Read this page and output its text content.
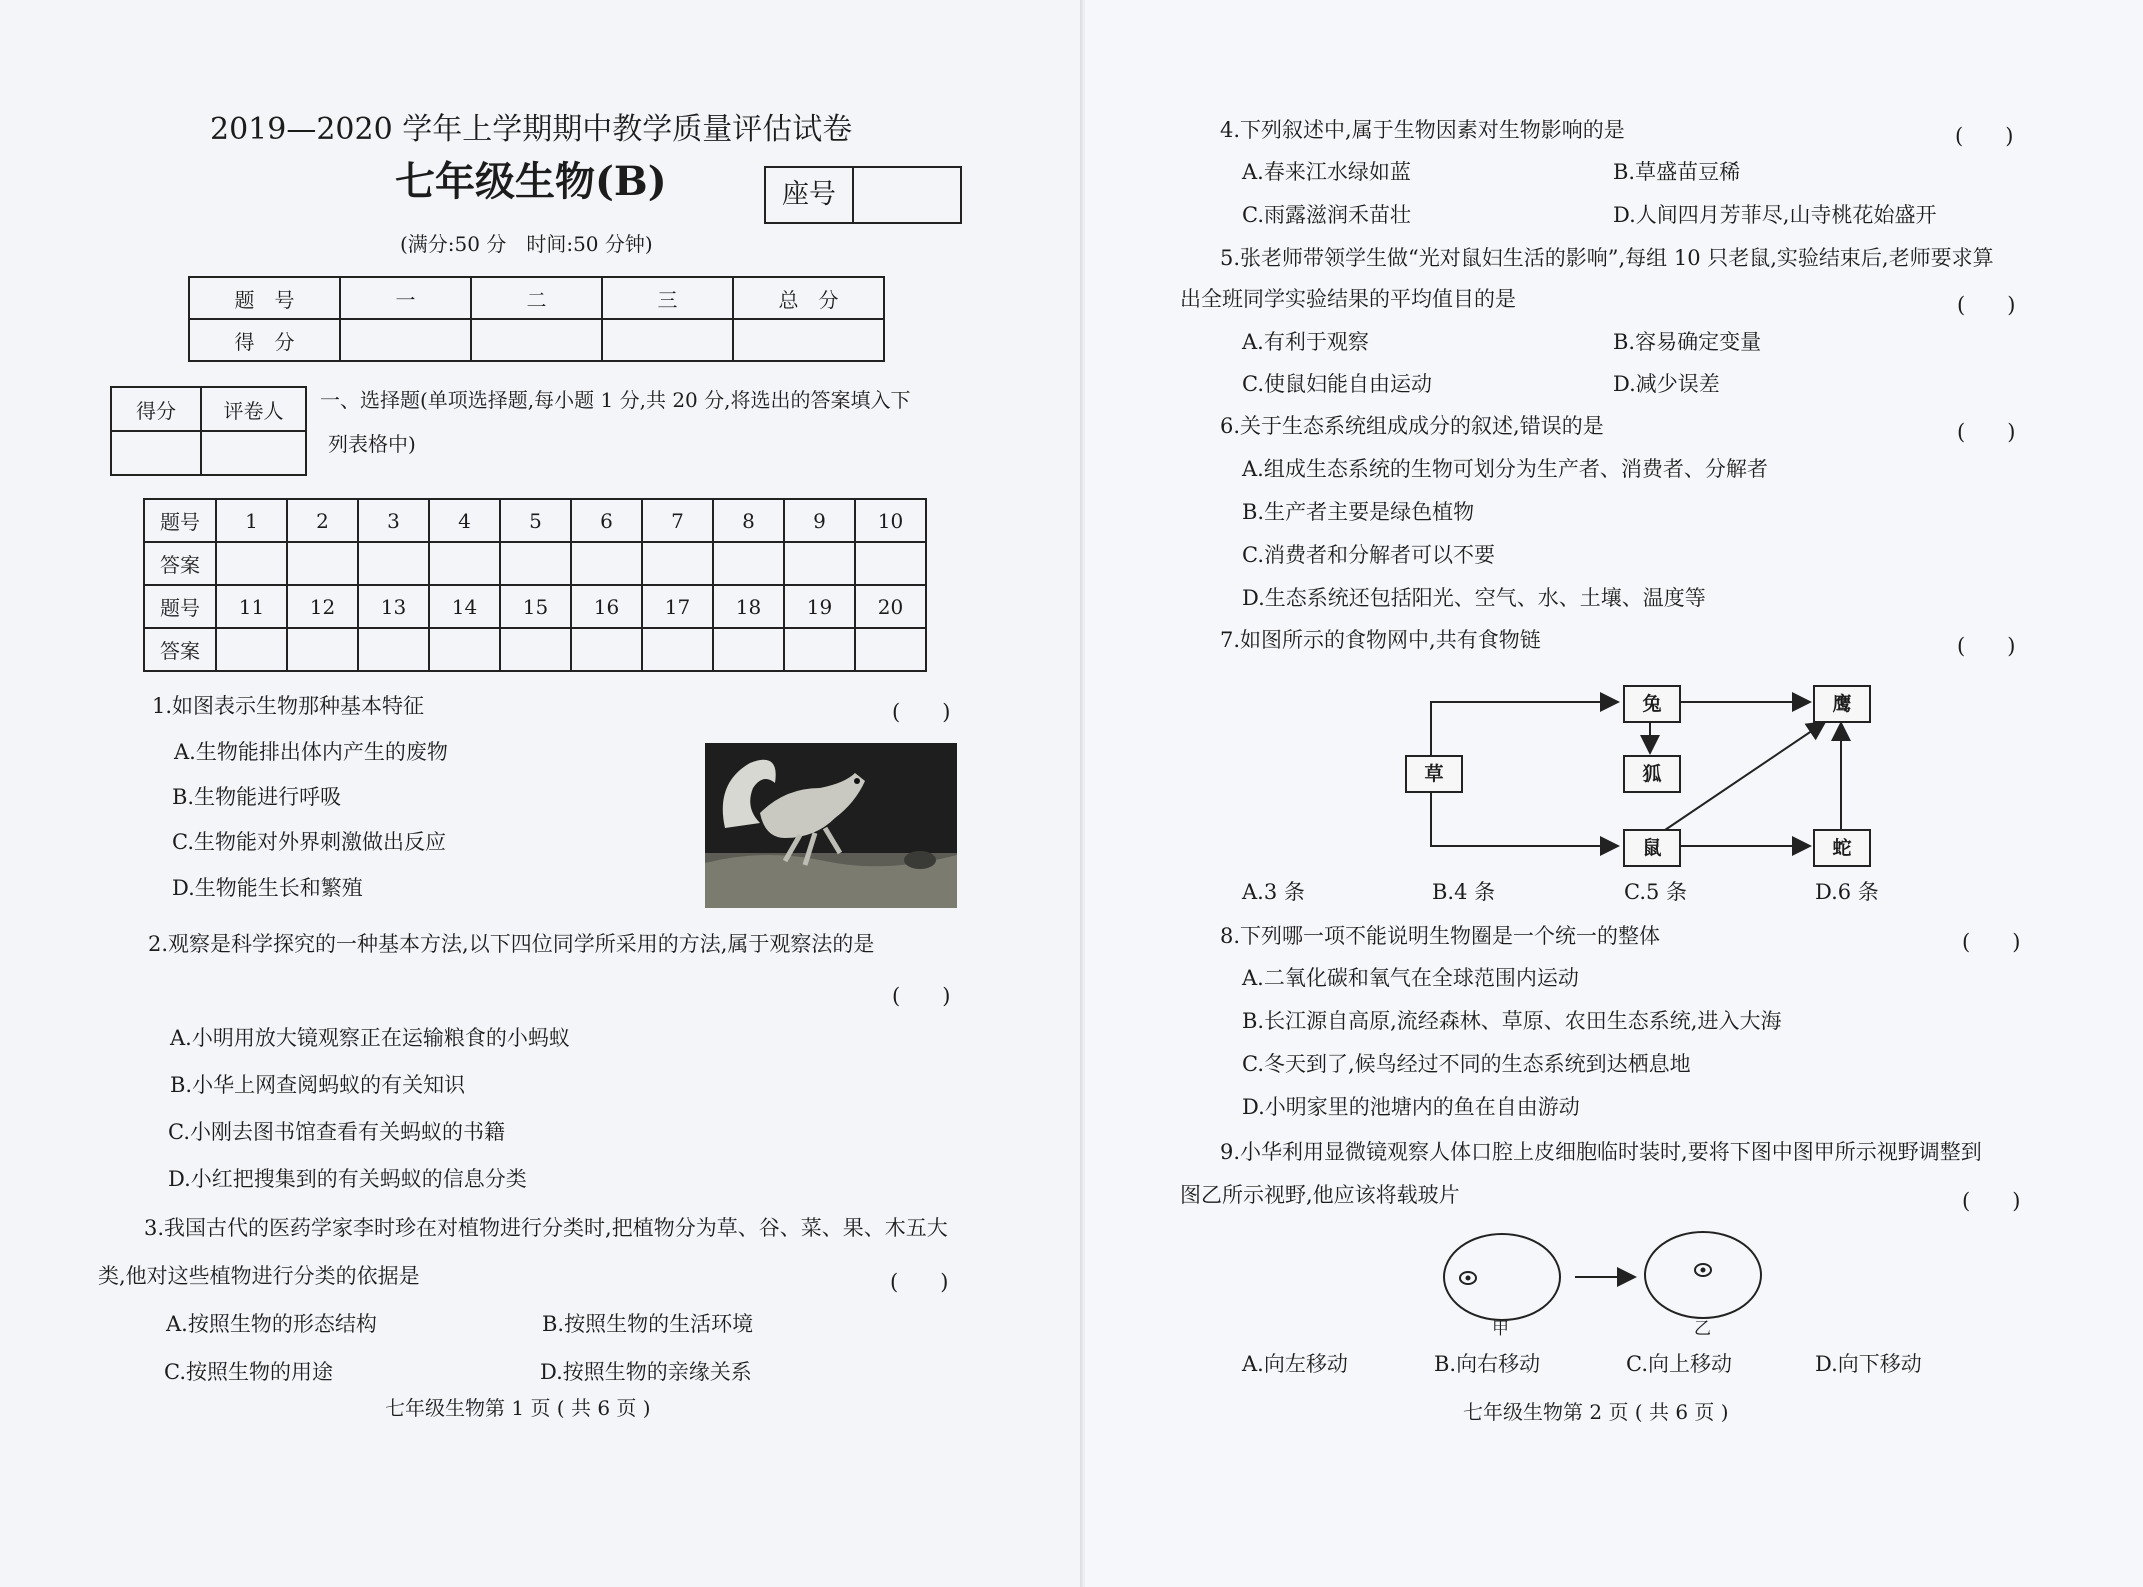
2019—2020 学年上学期期中教学质量评估试卷
七年级生物(B)	座号
(满分:50 分　时间:50 分钟)
题　号	一	二	三	总　分
得　分				
得分	评卷人
	一、选择题(单项选择题,每小题 1 分,共 20 分,将选出的答案填入下
列表格中)
题号	1	2	3	4	5	6	7	8	9	10
答案										
题号	11	12	13	14	15	16	17	18	19	20
答案										
1.如图表示生物那种基本特征	(　　)
A.生物能排出体内产生的废物
B.生物能进行呼吸
C.生物能对外界刺激做出反应
D.生物能生长和繁殖
2.观察是科学探究的一种基本方法,以下四位同学所采用的方法,属于观察法的是
(　　)
A.小明用放大镜观察正在运输粮食的小蚂蚁
B.小华上网查阅蚂蚁的有关知识
C.小刚去图书馆查看有关蚂蚁的书籍
D.小红把搜集到的有关蚂蚁的信息分类
3.我国古代的医药学家李时珍在对植物进行分类时,把植物分为草、谷、菜、果、木五大
类,他对这些植物进行分类的依据是	(　　)
A.按照生物的形态结构	B.按照生物的生活环境
C.按照生物的用途	D.按照生物的亲缘关系
七年级生物第 1 页 ( 共 6 页 )
4.下列叙述中,属于生物因素对生物影响的是	(　　)
A.春来江水绿如蓝	B.草盛苗豆稀
C.雨露滋润禾苗壮	D.人间四月芳菲尽,山寺桃花始盛开
5.张老师带领学生做“光对鼠妇生活的影响”,每组 10 只老鼠,实验结束后,老师要求算
出全班同学实验结果的平均值目的是	(　　)
A.有利于观察	B.容易确定变量
C.使鼠妇能自由运动	D.减少误差
6.关于生态系统组成成分的叙述,错误的是	(　　)
A.组成生态系统的生物可划分为生产者、消费者、分解者
B.生产者主要是绿色植物
C.消费者和分解者可以不要
D.生态系统还包括阳光、空气、水、土壤、温度等
7.如图所示的食物网中,共有食物链	(　　)
草
兔
狐
鼠
鹰
蛇
A.3 条	B.4 条	C.5 条	D.6 条
8.下列哪一项不能说明生物圈是一个统一的整体	(　　)
A.二氧化碳和氧气在全球范围内运动
B.长江源自高原,流经森林、草原、农田生态系统,进入大海
C.冬天到了,候鸟经过不同的生态系统到达栖息地
D.小明家里的池塘内的鱼在自由游动
9.小华利用显微镜观察人体口腔上皮细胞临时装时,要将下图中图甲所示视野调整到
图乙所示视野,他应该将载玻片	(　　)
甲	乙
A.向左移动	B.向右移动	C.向上移动	D.向下移动
七年级生物第 2 页 ( 共 6 页 )
